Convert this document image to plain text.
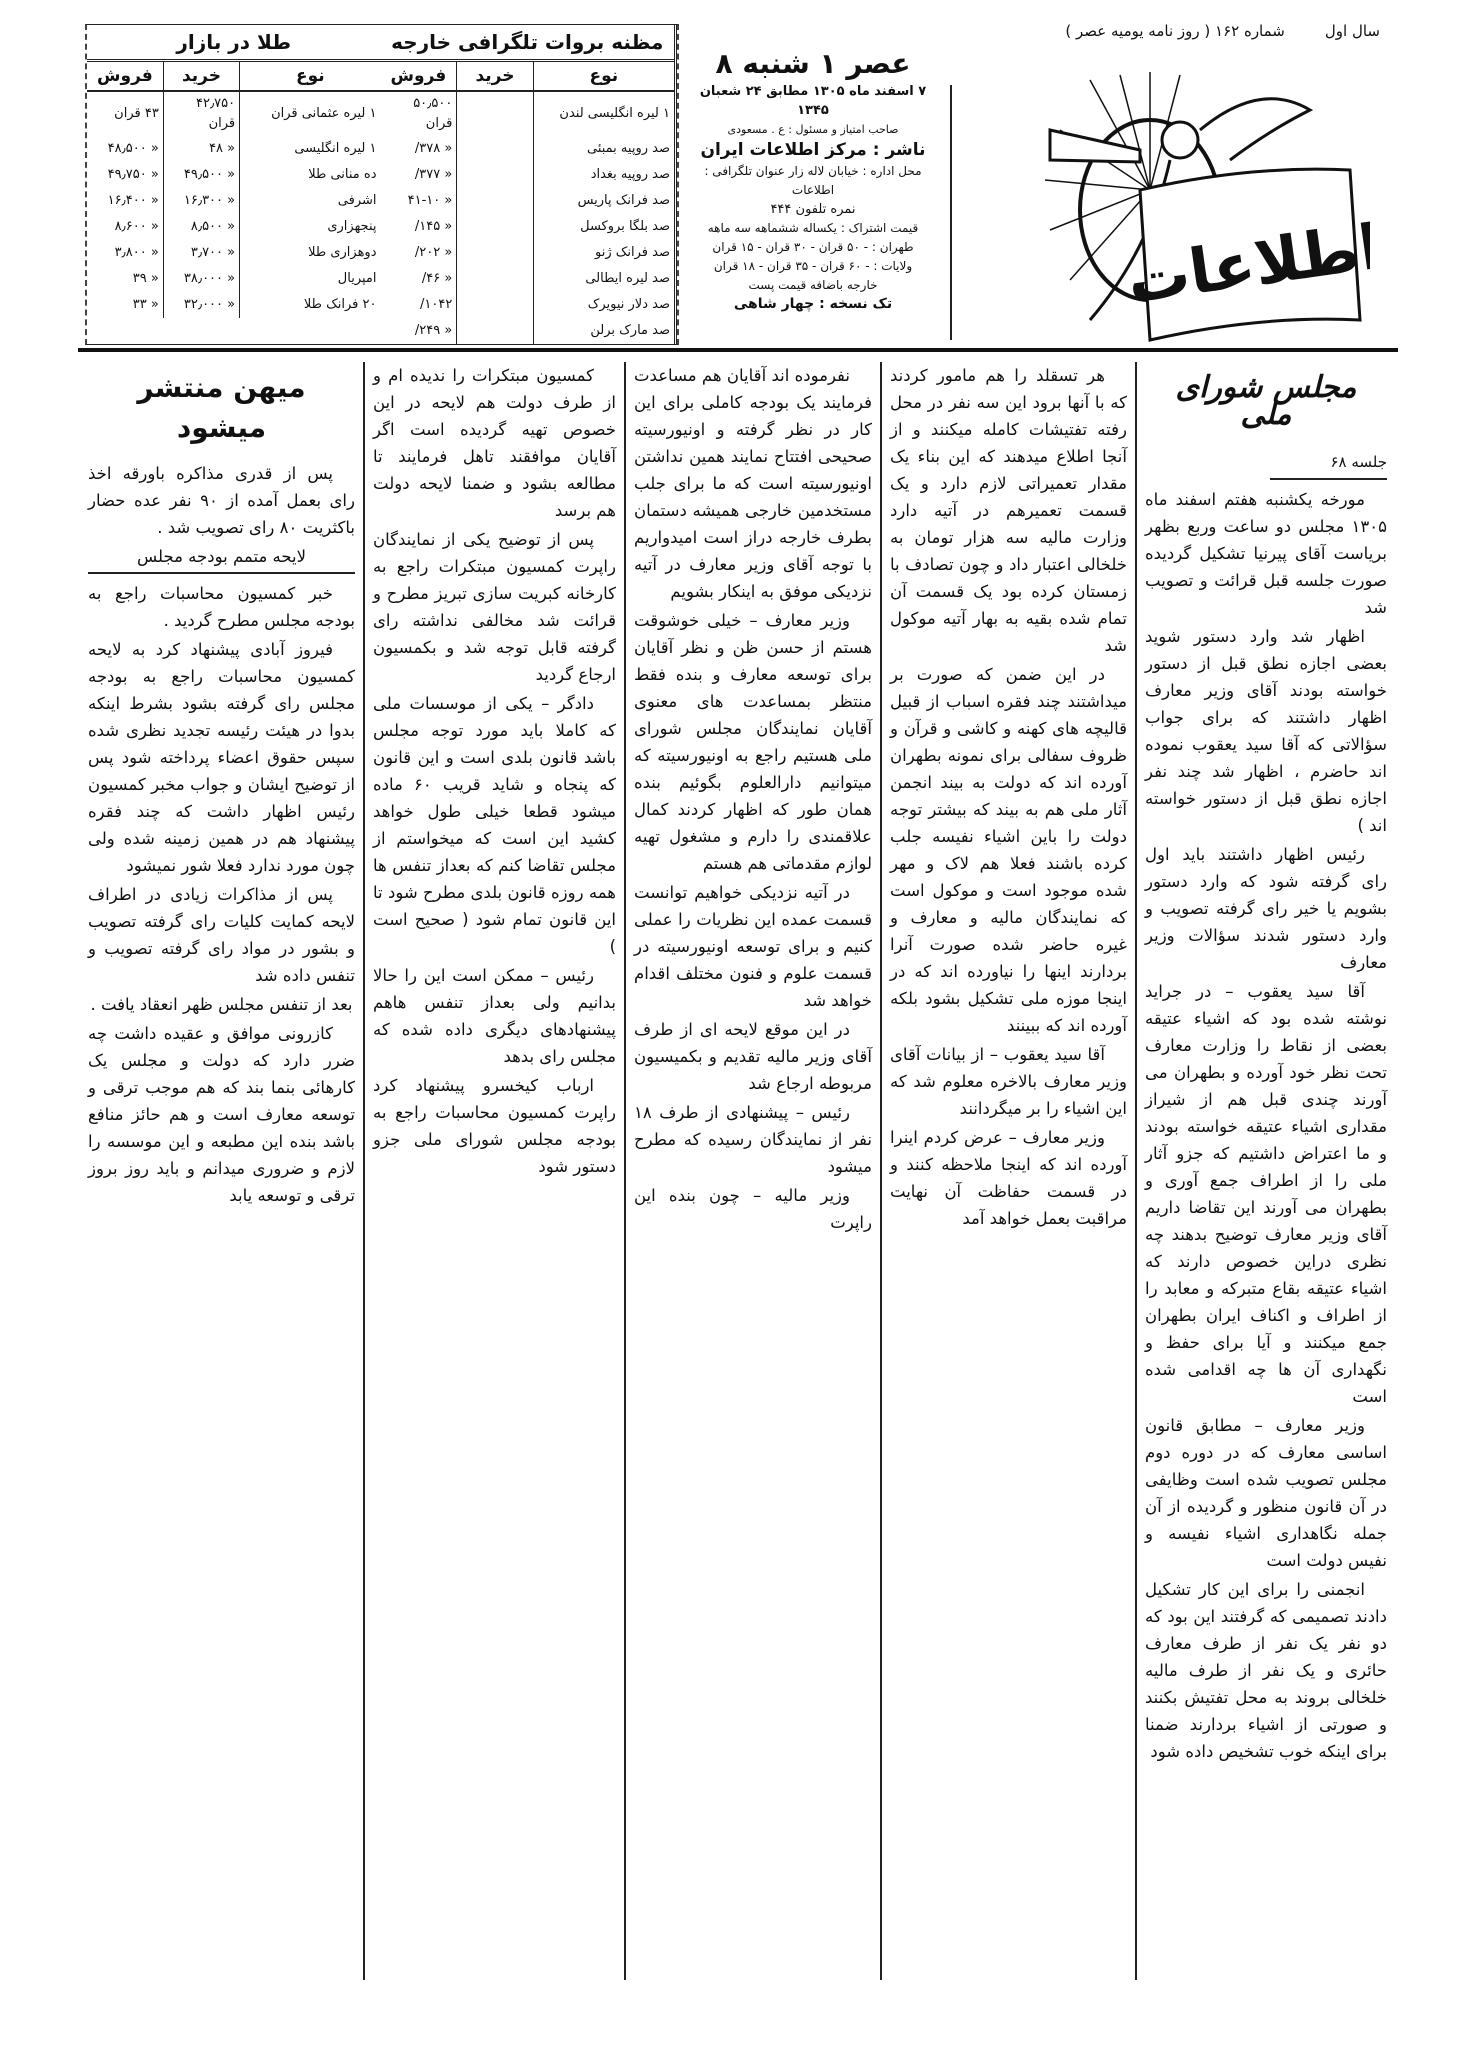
طلا در بازار
نوع	خرید	فروش
۱ لیره عثمانی قران	۴۲٫۷۵۰ قران	۴۳ قران
۱ لیره انگلیسی	« ۴۸	« ۴۸٫۵۰۰
ده منانی طلا	« ۴۹٫۵۰۰	« ۴۹٫۷۵۰
اشرفی	« ۱۶٫۳۰۰	« ۱۶٫۴۰۰
پنجهزاری	« ۸٫۵۰۰	« ۸٫۶۰۰
دوهزاری طلا	« ۳٫۷۰۰	« ۳٫۸۰۰
امپریال	« ۳۸٫۰۰۰	« ۳۹
۲۰ فرانک طلا	« ۳۲٫۰۰۰	« ۳۳
مظنه بروات تلگرافی خارجه
نوع	خرید	فروش
۱ لیره انگلیسی لندن		۵۰٫۵۰۰ قران
صد روپیه بمبئی		« ۳۷۸/
صد روپیه بغداد		« ۳۷۷/
صد فرانک پاریس		« ۴۱-۱۰
صد بلگا بروکسل		« ۱۴۵/
صد فرانک ژنو		« ۲۰۲/
صد لیره ایطالی		« ۴۶/
صد دلار نیویرک		۱۰۴۲/
صد مارک برلن		« ۲۴۹/
عصر ۱ شنبه ۸
۷ اسفند ماه ۱۳۰۵ مطابق ۲۴ شعبان ۱۳۴۵
صاحب امتیاز و مسئول : ع . مسعودی
ناشر : مرکز اطلاعات ایران
محل اداره : خیابان لاله زار عنوان تلگرافی : اطلاعات
نمره تلفون ۴۴۴
قیمت اشتراک : یکساله ششماهه سه ماهه
طهران : - ۵۰ قران - ۳۰ قران - ۱۵ قران
ولایات : - ۶۰ قران - ۳۵ قران - ۱۸ قران
خارجه باضافه قیمت پست
تک نسخه : چهار شاهی
سال اول
شماره ۱۶۲ ( روز نامه یومیه عصر )
اطلاعات
مجلس شورای ملی
جلسه ۶۸

مورخه یکشنبه هفتم اسفند ماه ۱۳۰۵ مجلس دو ساعت وربع بظهر بریاست آقای پیرنیا تشکیل گردیده صورت جلسه قبل قرائت و تصویب شد

اظهار شد وارد دستور شوید بعضی اجازه نطق قبل از دستور خواسته بودند آقای وزیر معارف اظهار داشتند که برای جواب سؤالاتی که آقا سید یعقوب نموده اند حاضرم ، اظهار شد چند نفر اجازه نطق قبل از دستور خواسته اند )

رئیس اظهار داشتند باید اول رای گرفته شود که وارد دستور بشویم یا خیر رای گرفته تصویب و وارد دستور شدند سؤالات وزیر معارف

آقا سید یعقوب – در جراید نوشته شده بود که اشیاء عتیقه بعضی از نقاط را وزارت معارف تحت نظر خود آورده و بطهران می آورند چندی قبل هم از شیراز مقداری اشیاء عتیقه خواسته بودند و ما اعتراض داشتیم که جزو آثار ملی را از اطراف جمع آوری و بطهران می آورند این تقاضا داریم آقای وزیر معارف توضیح بدهند چه نظری دراین خصوص دارند که اشیاء عتیقه بقاع متبرکه و معابد را از اطراف و اکناف ایران بطهران جمع میکنند و آیا برای حفظ و نگهداری آن ها چه اقدامی شده است

وزیر معارف – مطابق قانون اساسی معارف که در دوره دوم مجلس تصویب شده است وظایفی در آن قانون منظور و گردیده از آن جمله نگاهداری اشیاء نفیسه و نفیس دولت است

انجمنی را برای این کار تشکیل دادند تصمیمی که گرفتند این بود که دو نفر یک نفر از طرف معارف حائری و یک نفر از طرف مالیه خلخالی بروند به محل تفتیش بکنند و صورتی از اشیاء بردارند ضمنا برای اینکه خوب تشخیص داده شود

هر تسقلد را هم مامور کردند که با آنها برود این سه نفر در محل رفته تفتیشات کامله میکنند و از آنجا اطلاع میدهند که این بناء یک مقدار تعمیراتی لازم دارد و یک قسمت تعمیرهم در آتیه دارد وزارت مالیه سه هزار تومان به خلخالی اعتبار داد و چون تصادف با زمستان کرده بود یک قسمت آن تمام شده بقیه به بهار آتیه موکول شد

در این ضمن که صورت بر میداشتند چند فقره اسباب از قبیل قالیچه های کهنه و کاشی و قرآن و ظروف سفالی برای نمونه بطهران آورده اند که دولت به بیند انجمن آثار ملی هم به بیند که بیشتر توجه دولت را باین اشیاء نفیسه جلب کرده باشند فعلا هم لاک و مهر شده موجود است و موکول است که نمایندگان مالیه و معارف و غیره حاضر شده صورت آنرا بردارند اینها را نیاورده اند که در اینجا موزه ملی تشکیل بشود بلکه آورده اند که ببینند

آقا سید یعقوب – از بیانات آقای وزیر معارف بالاخره معلوم شد که این اشیاء را بر میگردانند

وزیر معارف – عرض کردم اینرا آورده اند که اینجا ملاحظه کنند و در قسمت حفاظت آن نهایت مراقبت بعمل خواهد آمد

نفرموده اند آقایان هم مساعدت فرمایند یک بودجه کاملی برای این کار در نظر گرفته و اونیورسیته صحیحی افتتاح نمایند همین نداشتن اونیورسیته است که ما برای جلب مستخدمین خارجی همیشه دستمان بطرف خارجه دراز است امیدواریم با توجه آقای وزیر معارف در آتیه نزدیکی موفق به اینکار بشویم

وزیر معارف – خیلی خوشوقت هستم از حسن ظن و نظر آقایان برای توسعه معارف و بنده فقط منتظر بمساعدت های معنوی آقایان نمایندگان مجلس شورای ملی هستیم راجع به اونیورسیته که میتوانیم دارالعلوم بگوئیم بنده همان طور که اظهار کردند کمال علاقمندی را دارم و مشغول تهیه لوازم مقدماتی هم هستم

در آتیه نزدیکی خواهیم توانست قسمت عمده این نظریات را عملی کنیم و برای توسعه اونیورسیته در قسمت علوم و فنون مختلف اقدام خواهد شد

در این موقع لایحه ای از طرف آقای وزیر مالیه تقدیم و بکمیسیون مربوطه ارجاع شد

رئیس – پیشنهادی از طرف ۱۸ نفر از نمایندگان رسیده که مطرح میشود

وزیر مالیه – چون بنده این راپرت

کمسیون مبتکرات را ندیده ام و از طرف دولت هم لایحه در این خصوص تهیه گردیده است اگر آقایان موافقند تاهل فرمایند تا مطالعه بشود و ضمنا لایحه دولت هم برسد

پس از توضیح یکی از نمایندگان راپرت کمسیون مبتکرات راجع به کارخانه کبریت سازی تبریز مطرح و قرائت شد مخالفی نداشته رای گرفته قابل توجه شد و بکمسیون ارجاع گردید

دادگر – یکی از موسسات ملی که کاملا باید مورد توجه مجلس باشد قانون بلدی است و این قانون که پنجاه و شاید قریب ۶۰ ماده میشود قطعا خیلی طول خواهد کشید این است که میخواستم از مجلس تقاضا کنم که بعداز تنفس ها همه روزه قانون بلدی مطرح شود تا این قانون تمام شود ( صحیح است )

رئیس – ممکن است این را حالا بدانیم ولی بعداز تنفس هاهم پیشنهادهای دیگری داده شده که مجلس رای بدهد

ارباب کیخسرو پیشنهاد کرد راپرت کمسیون محاسبات راجع به بودجه مجلس شورای ملی جزو دستور شود

میهن منتشر میشود

پس از قدری مذاکره باورقه اخذ رای بعمل آمده از ۹۰ نفر عده حضار باکثریت ۸۰ رای تصویب شد .

لایحه متمم بودجه مجلس

خبر کمسیون محاسبات راجع به بودجه مجلس مطرح گردید .

فیروز آبادی پیشنهاد کرد به لایحه کمسیون محاسبات راجع به بودجه مجلس رای گرفته بشود بشرط اینکه بدوا در هیئت رئیسه تجدید نظری شده سپس حقوق اعضاء پرداخته شود پس از توضیح ایشان و جواب مخبر کمسیون رئیس اظهار داشت که چند فقره پیشنهاد هم در همین زمینه شده ولی چون مورد ندارد فعلا شور نمیشود

پس از مذاکرات زیادی در اطراف لایحه کمایت کلیات رای گرفته تصویب و بشور در مواد رای گرفته تصویب و تنفس داده شد

بعد از تنفس مجلس ظهر انعقاد یافت .

کازرونی موافق و عقیده داشت چه ضرر دارد که دولت و مجلس یک کارهائی بنما بند که هم موجب ترقی و توسعه معارف است و هم حائز منافع باشد بنده این مطبعه و این موسسه را لازم و ضروری میدانم و باید روز بروز ترقی و توسعه یابد
